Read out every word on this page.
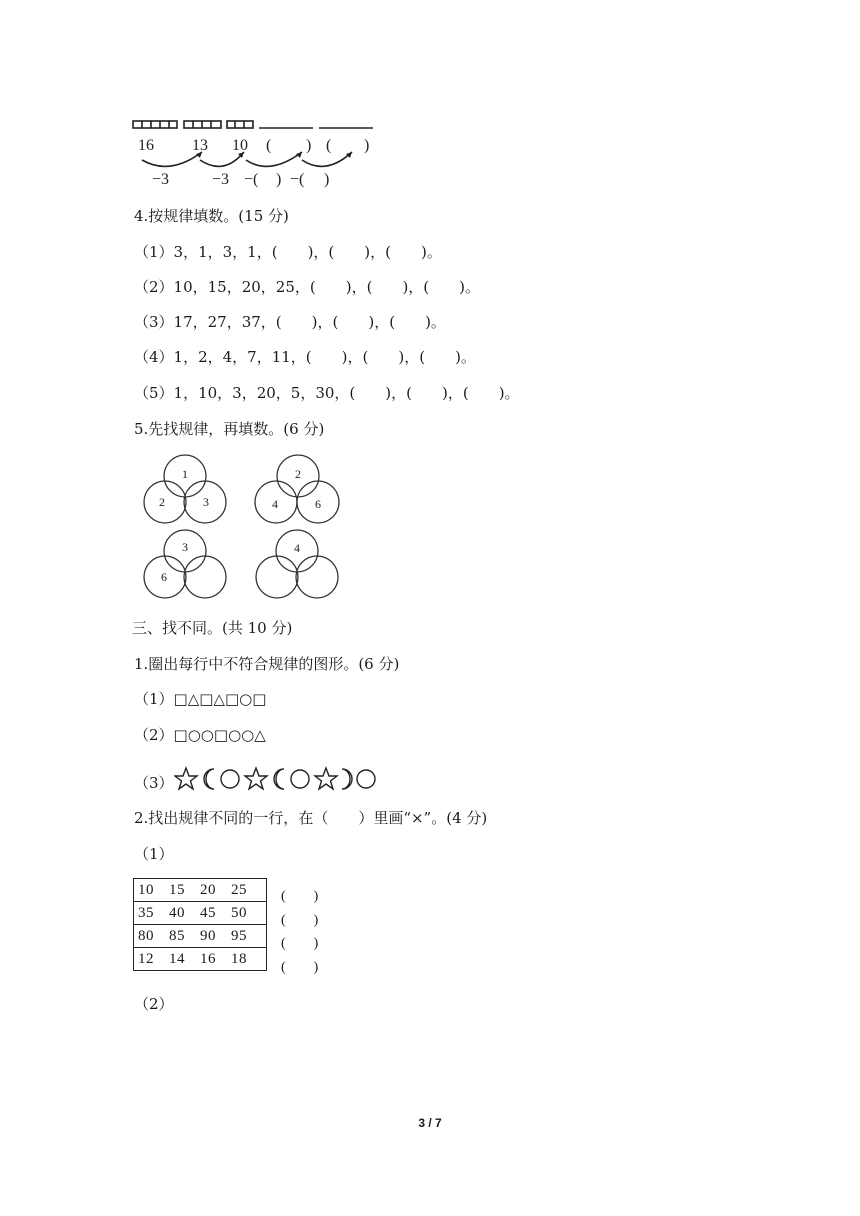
16 13 10 ( ) ( )
−3	−3 −( ) −( )
4.按规律填数。(15 分)
（1）3，1，3，1，(　　)，(　　)，(　　)。
（2）10，15，20，25，(　　)，(　　)，(　　)。
（3）17，27，37，(　　)，(　　)，(　　)。
（4）1，2，4，7，11，(　　)，(　　)，(　　)。
（5）1，10，3，20，5，30，(　　)，(　　)，(　　)。
5.先找规律，再填数。(6 分)
1
2	3
2
4	6
3
6
4
三、找不同。(共 10 分)
1.圈出每行中不符合规律的图形。(6 分)
（1）□△□△□○□
（2）□○○□○○△
（3）
2.找出规律不同的一行，在（　　）里画“×”。(4 分)
（1）
10 15 20 25
35 40 45 50
80 85 90 95
12 14 16 18
(　　)
(　　)
(　　)
(　　)
（2）
3 / 7
